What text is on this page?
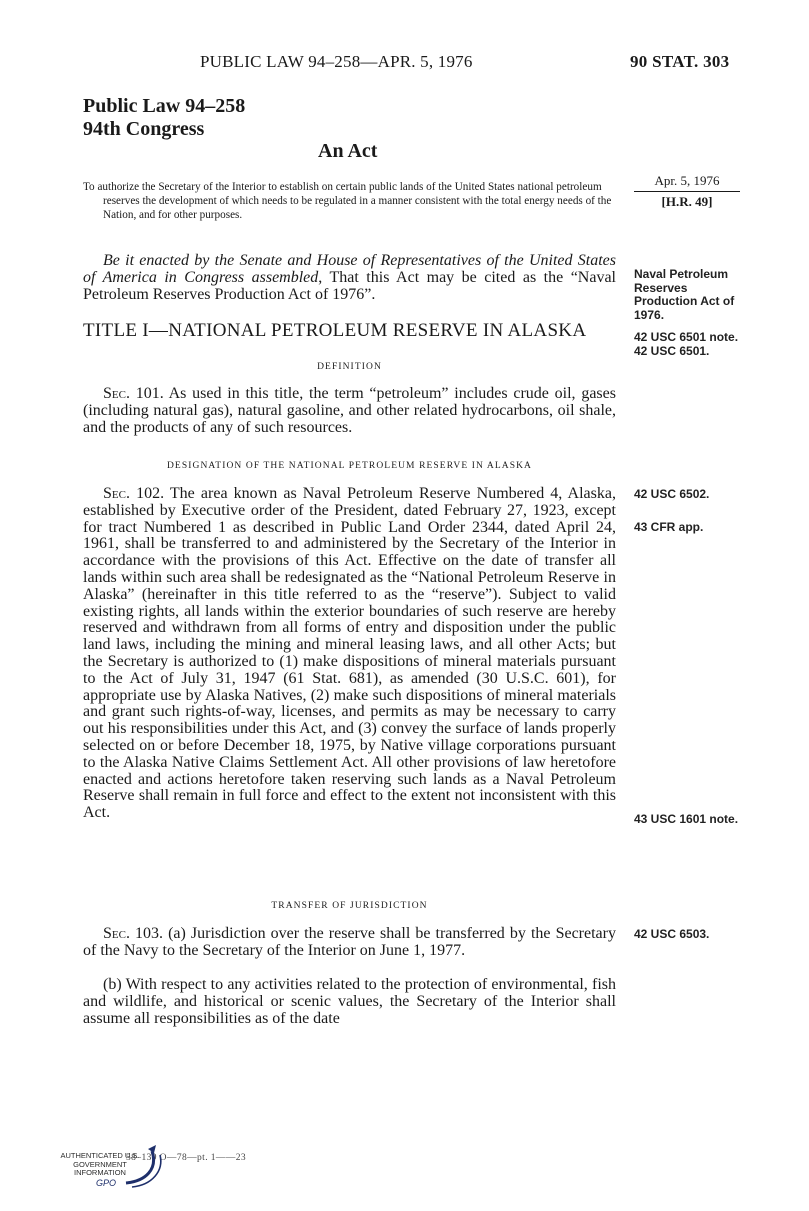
PUBLIC LAW 94–258—APR. 5, 1976	90 STAT. 303
Public Law 94–258
94th Congress
An Act
To authorize the Secretary of the Interior to establish on certain public lands of the United States national petroleum reserves the development of which needs to be regulated in a manner consistent with the total energy needs of the Nation, and for other purposes.
Apr. 5, 1976
[H.R. 49]
Be it enacted by the Senate and House of Representatives of the United States of America in Congress assembled, That this Act may be cited as the “Naval Petroleum Reserves Production Act of 1976”.
TITLE I—NATIONAL PETROLEUM RESERVE IN ALASKA
DEFINITION
Sec. 101. As used in this title, the term “petroleum” includes crude oil, gases (including natural gas), natural gasoline, and other related hydrocarbons, oil shale, and the products of any of such resources.
DESIGNATION OF THE NATIONAL PETROLEUM RESERVE IN ALASKA
Sec. 102. The area known as Naval Petroleum Reserve Numbered 4, Alaska, established by Executive order of the President, dated February 27, 1923, except for tract Numbered 1 as described in Public Land Order 2344, dated April 24, 1961, shall be transferred to and administered by the Secretary of the Interior in accordance with the provisions of this Act. Effective on the date of transfer all lands within such area shall be redesignated as the “National Petroleum Reserve in Alaska” (hereinafter in this title referred to as the “reserve”). Subject to valid existing rights, all lands within the exterior boundaries of such reserve are hereby reserved and withdrawn from all forms of entry and disposition under the public land laws, including the mining and mineral leasing laws, and all other Acts; but the Secretary is authorized to (1) make dispositions of mineral materials pursuant to the Act of July 31, 1947 (61 Stat. 681), as amended (30 U.S.C. 601), for appropriate use by Alaska Natives, (2) make such dispositions of mineral materials and grant such rights-of-way, licenses, and permits as may be necessary to carry out his responsibilities under this Act, and (3) convey the surface of lands properly selected on or before December 18, 1975, by Native village corporations pursuant to the Alaska Native Claims Settlement Act. All other provisions of law heretofore enacted and actions heretofore taken reserving such lands as a Naval Petroleum Reserve shall remain in full force and effect to the extent not inconsistent with this Act.
TRANSFER OF JURISDICTION
Sec. 103. (a) Jurisdiction over the reserve shall be transferred by the Secretary of the Navy to the Secretary of the Interior on June 1, 1977.
(b) With respect to any activities related to the protection of environmental, fish and wildlife, and historical or scenic values, the Secretary of the Interior shall assume all responsibilities as of the date
Naval Petroleum Reserves Production Act of 1976.
42 USC 6501 note.
42 USC 6501.
42 USC 6502.
43 CFR app.
43 USC 1601 note.
42 USC 6503.
58–139 O—78—pt. 1——23
AUTHENTICATED U.S. GOVERNMENT INFORMATION
GPO
